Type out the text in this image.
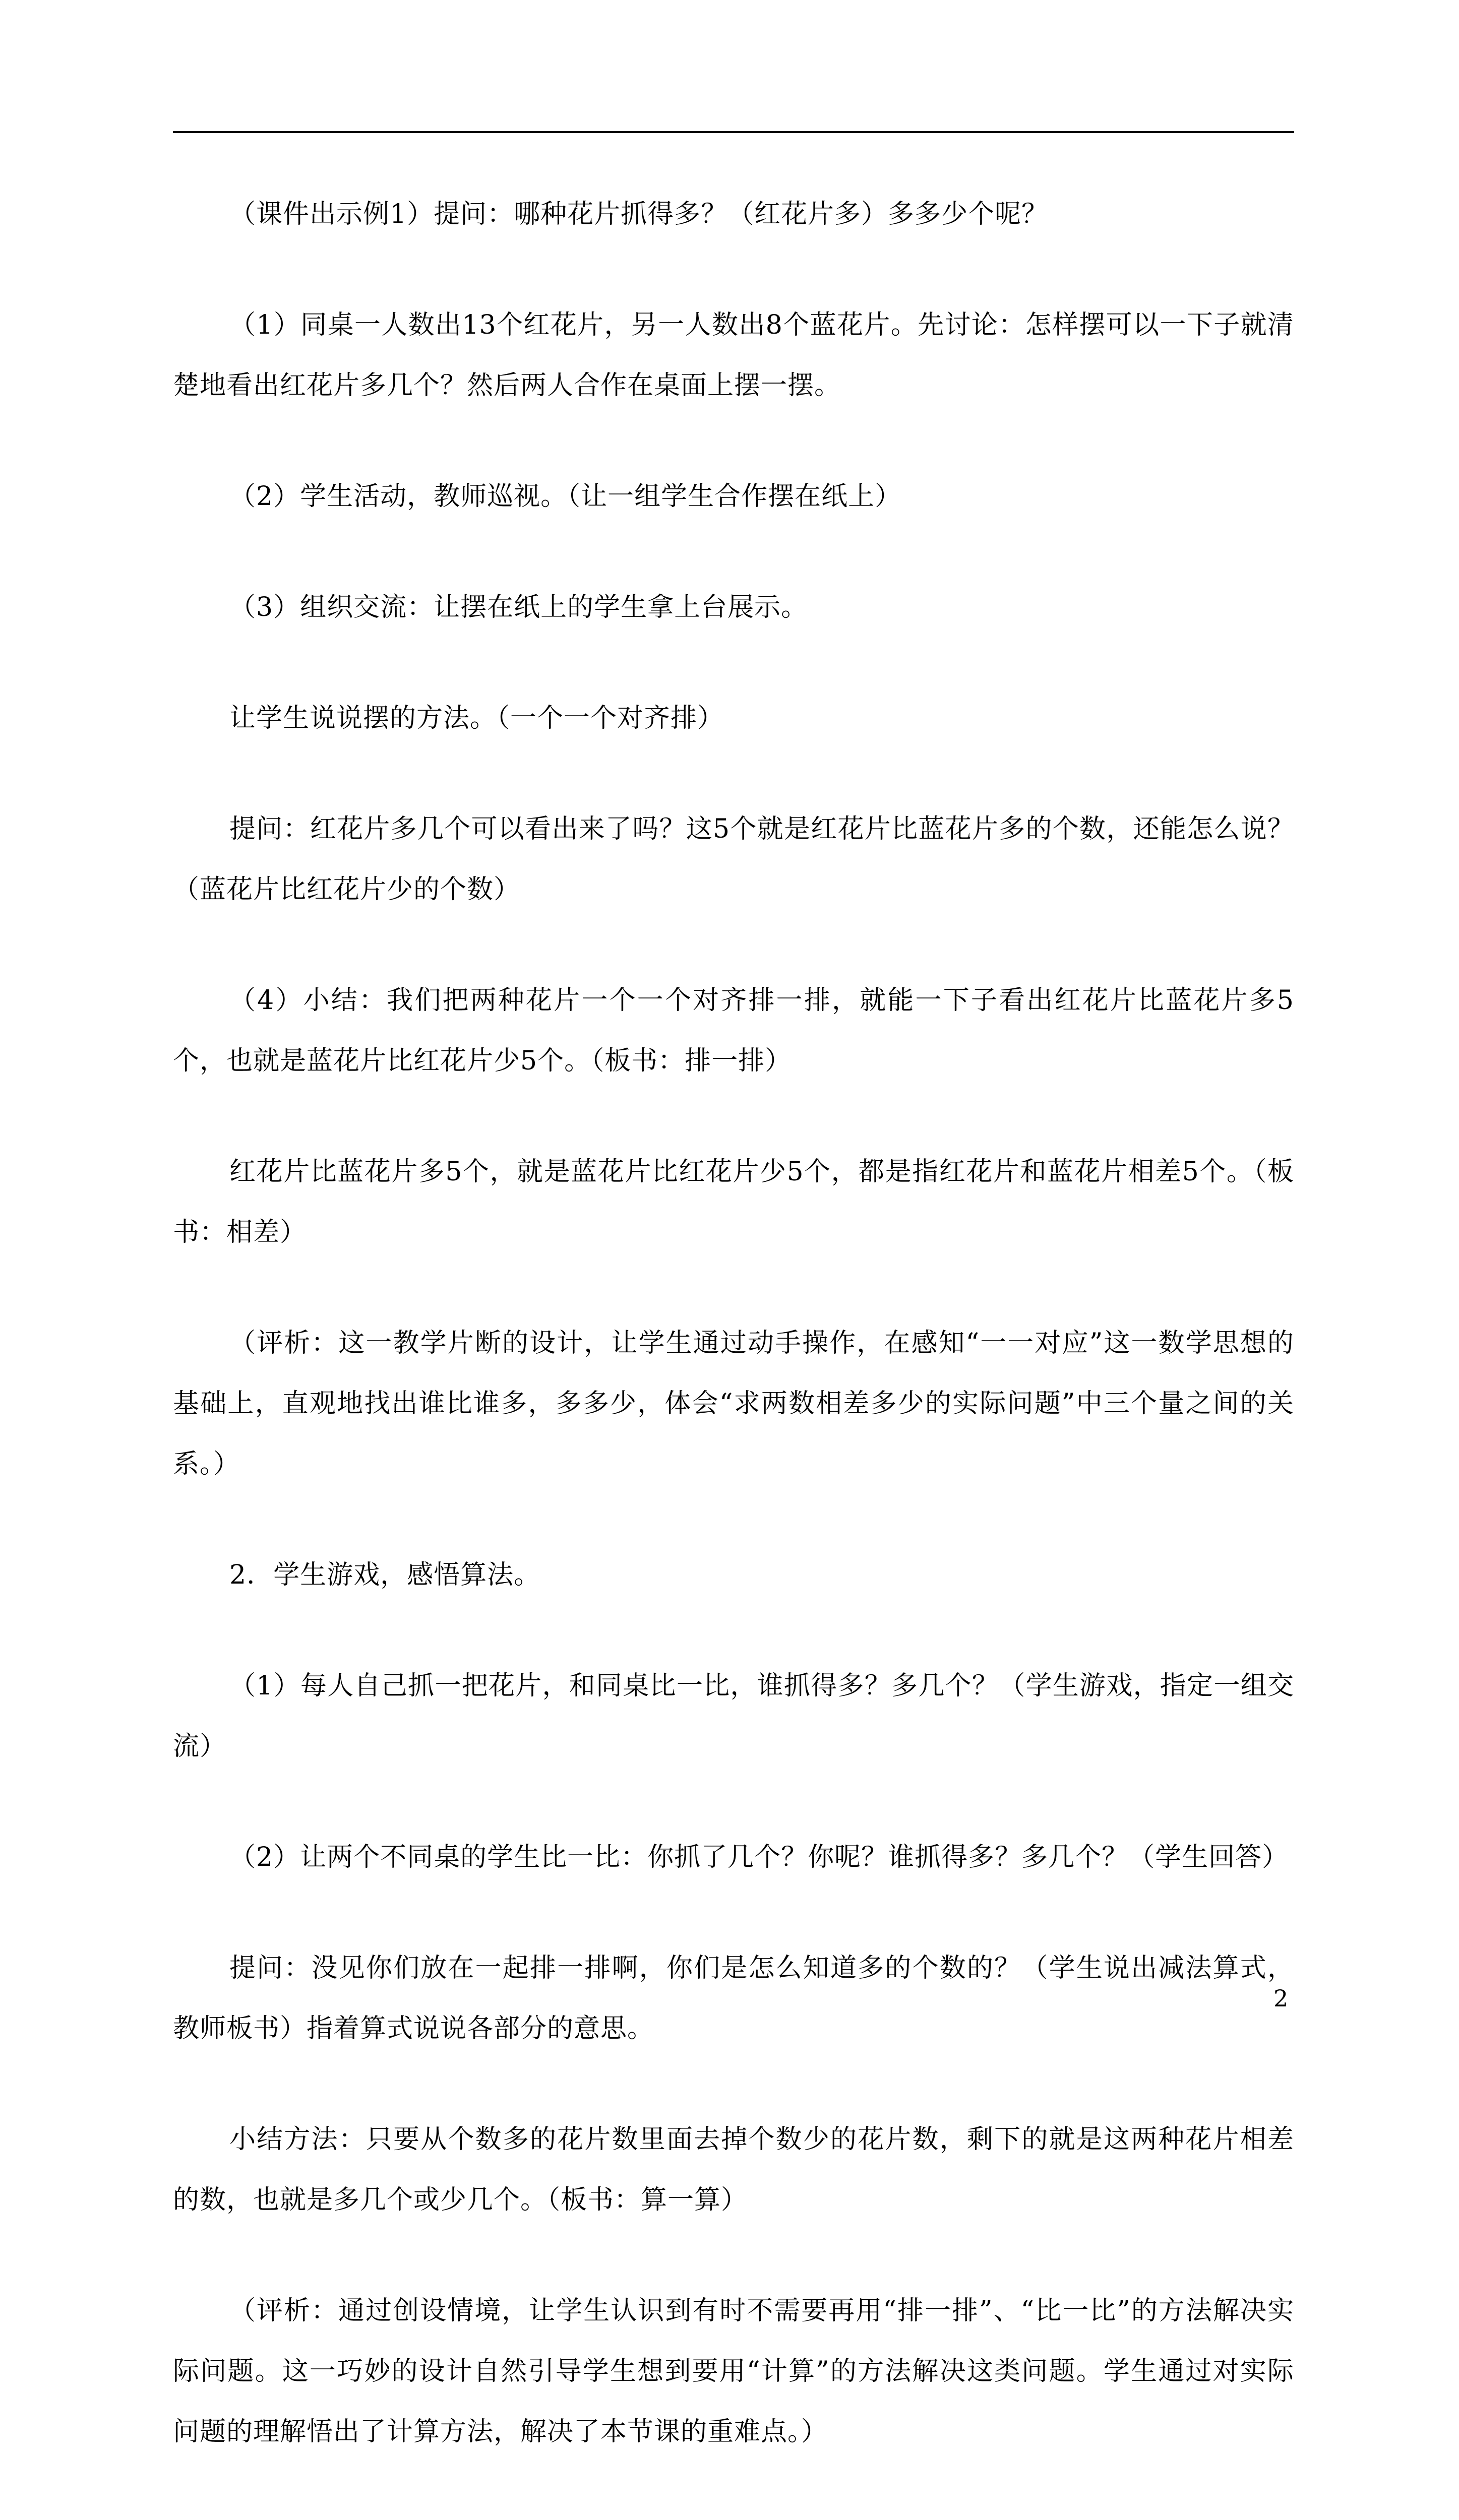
（课件出示例1）提问：哪种花片抓得多？（红花片多）多多少个呢？

（1）同桌一人数出13个红花片，另一人数出8个蓝花片。先讨论：怎样摆可以一下子就清楚地看出红花片多几个？然后两人合作在桌面上摆一摆。

（2）学生活动，教师巡视。（让一组学生合作摆在纸上）

（3）组织交流：让摆在纸上的学生拿上台展示。

让学生说说摆的方法。（一个一个对齐排）

提问：红花片多几个可以看出来了吗？这5个就是红花片比蓝花片多的个数，还能怎么说？（蓝花片比红花片少的个数）

（4）小结：我们把两种花片一个一个对齐排一排，就能一下子看出红花片比蓝花片多5个，也就是蓝花片比红花片少5个。（板书：排一排）

红花片比蓝花片多5个，就是蓝花片比红花片少5个，都是指红花片和蓝花片相差5个。（板书：相差）

（评析：这一教学片断的设计，让学生通过动手操作，在感知“一一对应”这一数学思想的基础上，直观地找出谁比谁多，多多少，体会“求两数相差多少的实际问题”中三个量之间的关系。）

2．学生游戏，感悟算法。

（1）每人自己抓一把花片，和同桌比一比，谁抓得多？多几个？（学生游戏，指定一组交流）

（2）让两个不同桌的学生比一比：你抓了几个？你呢？谁抓得多？多几个？（学生回答）

提问：没见你们放在一起排一排啊，你们是怎么知道多的个数的？（学生说出减法算式，教师板书）指着算式说说各部分的意思。

小结方法：只要从个数多的花片数里面去掉个数少的花片数，剩下的就是这两种花片相差的数，也就是多几个或少几个。（板书：算一算）

（评析：通过创设情境，让学生认识到有时不需要再用“排一排”、“比一比”的方法解决实际问题。这一巧妙的设计自然引导学生想到要用“计算”的方法解决这类问题。学生通过对实际问题的理解悟出了计算方法，解决了本节课的重难点。）

2
